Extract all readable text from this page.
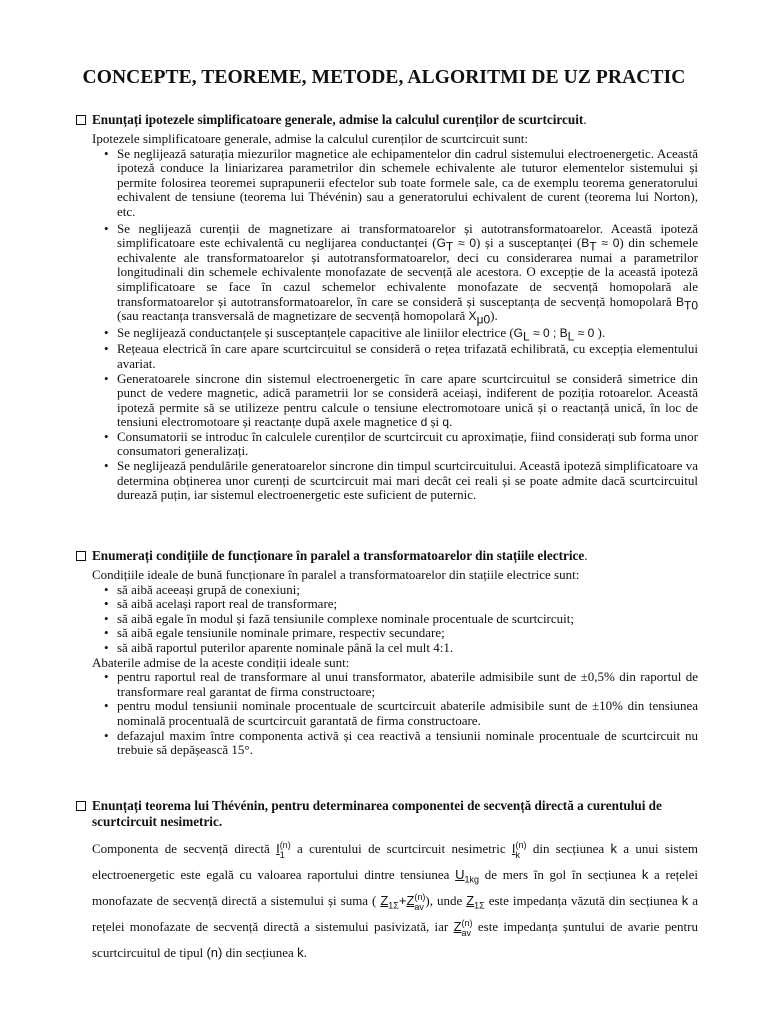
CONCEPTE, TEOREME, METODE, ALGORITMI DE UZ PRACTIC
Enunțați ipotezele simplificatoare generale, admise la calculul curenților de scurtcircuit.

Ipotezele simplificatoare generale, admise la calculul curenților de scurtcircuit sunt:

• Se neglijează saturația miezurilor magnetice ale echipamentelor din cadrul sistemului electroenergetic. Această ipoteză conduce la liniarizarea parametrilor din schemele echivalente ale tuturor elementelor sistemului și permite folosirea teoremei suprapunerii efectelor sub toate formele sale, ca de exemplu teorema generatorului echivalent de tensiune (teorema lui Thévénin) sau a generatorului echivalent de curent (teorema lui Norton), etc.
• Se neglijează curenții de magnetizare ai transformatoarelor și autotransformatoarelor. Această ipoteză simplificatoare este echivalentă cu neglijarea conductanței $(G_T \approx 0)$ și a susceptanței $(B_T \approx 0)$ din schemele echivalente ale transformatoarelor și autotransformatoarelor, deci cu considerarea numai a parametrilor longitudinali din schemele echivalente monofazate de secvență ale acestora. O excepție de la această ipoteză simplificatoare se face în cazul schemelor echivalente monofazate de secvență homopolară ale transformatoarelor și autotransformatoarelor, în care se consideră și susceptanța de secvență homopolară $B_{T0}$ (sau reactanța transversală de magnetizare de secvență homopolară $X_{\mu 0}$).
• Se neglijează conductanțele și susceptanțele capacitive ale liniilor electrice ($G_L \approx 0$ ; $B_L \approx 0$ ).
• Rețeaua electrică în care apare scurtcircuitul se consideră o rețea trifazată echilibrată, cu excepția elementului avariat.
• Generatoarele sincrone din sistemul electroenergetic în care apare scurtcircuitul se consideră simetrice din punct de vedere magnetic, adică parametrii lor se consideră aceiași, indiferent de poziția rotoarelor. Această ipoteză permite să se utilizeze pentru calcule o tensiune electromotoare unică și o reactanță unică, în loc de tensiuni electromotoare și reactanțe după axele magnetice d și q.
• Consumatorii se introduc în calculele curenților de scurtcircuit cu aproximație, fiind considerați sub forma unor consumatori generalizați.
• Se neglijează pendulările generatoarelor sincrone din timpul scurtcircuitului. Această ipoteză simplificatoare va determina obținerea unor curenți de scurtcircuit mai mari decât cei reali și se poate admite dacă scurtcircuitul durează puțin, iar sistemul electroenergetic este suficient de puternic.
Enumerați condițiile de funcționare în paralel a transformatoarelor din stațiile electrice.

Condițiile ideale de bună funcționare în paralel a transformatoarelor din stațiile electrice sunt:

• să aibă aceeași grupă de conexiuni;
• să aibă același raport real de transformare;
• să aibă egale în modul și fază tensiunile complexe nominale procentuale de scurtcircuit;
• să aibă egale tensiunile nominale primare, respectiv secundare;
• să aibă raportul puterilor aparente nominale până la cel mult 4:1.

Abaterile admise de la aceste condiții ideale sunt:

• pentru raportul real de transformare al unui transformator, abaterile admisibile sunt de ±0,5% din raportul de transformare real garantat de firma constructoare;
• pentru modul tensiunii nominale procentuale de scurtcircuit abaterile admisibile sunt de ±10% din tensiunea nominală procentuală de scurtcircuit garantată de firma constructoare.
• defazajul maxim între componenta activă și cea reactivă a tensiunii nominale procentuale de scurtcircuit nu trebuie să depășească 15°.
Enunțați teorema lui Thévénin, pentru determinarea componentei de secvență directă a curentului de scurtcircuit nesimetric.
Componenta de secvență directă I (n)
1 a curentului de scurtcircuit nesimetric I (n)
k din secțiunea k a unui sistem electroenergetic este egală cu valoarea raportului dintre tensiunea $U_{1kg}$ de mers în gol în secțiunea k a rețelei monofazate de secvență directă a sistemului și suma ( $Z_{1\Sigma}+Z$ (n)
av ), unde $Z_{1\Sigma}$ este impedanța văzută din secțiunea k a rețelei monofazate de secvență directă a sistemului pasivizată, iar Z (n)
av este impedanța șuntului de avarie pentru scurtcircuitul de tipul (n) din secțiunea k.
